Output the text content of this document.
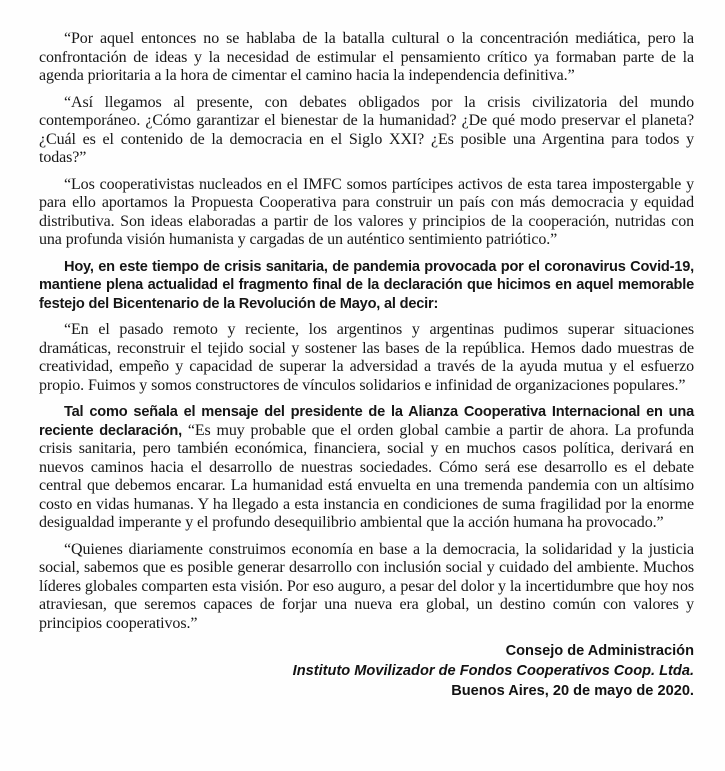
“Por aquel entonces no se hablaba de la batalla cultural o la concentración mediática, pero la confrontación de ideas y la necesidad de estimular el pensamiento crítico ya formaban parte de la agenda prioritaria a la hora de cimentar el camino hacia la independencia definitiva.”

“Así llegamos al presente, con debates obligados por la crisis civilizatoria del mundo contemporáneo. ¿Cómo garantizar el bienestar de la humanidad? ¿De qué modo preservar el planeta? ¿Cuál es el contenido de la democracia en el Siglo XXI? ¿Es posible una Argentina para todos y todas?”

“Los cooperativistas nucleados en el IMFC somos partícipes activos de esta tarea impostergable y para ello aportamos la Propuesta Cooperativa para construir un país con más democracia y equidad distributiva. Son ideas elaboradas a partir de los valores y principios de la cooperación, nutridas con una profunda visión humanista y cargadas de un auténtico sentimiento patriótico.”

Hoy, en este tiempo de crisis sanitaria, de pandemia provocada por el coronavirus Covid-19, mantiene plena actualidad el fragmento final de la declaración que hicimos en aquel memorable festejo del Bicentenario de la Revolución de Mayo, al decir:

“En el pasado remoto y reciente, los argentinos y argentinas pudimos superar situaciones dramáticas, reconstruir el tejido social y sostener las bases de la república. Hemos dado muestras de creatividad, empeño y capacidad de superar la adversidad a través de la ayuda mutua y el esfuerzo propio. Fuimos y somos constructores de vínculos solidarios e infinidad de organizaciones populares.”

Tal como señala el mensaje del presidente de la Alianza Cooperativa Internacional en una reciente declaración, “Es muy probable que el orden global cambie a partir de ahora. La profunda crisis sanitaria, pero también económica, financiera, social y en muchos casos política, derivará en nuevos caminos hacia el desarrollo de nuestras sociedades. Cómo será ese desarrollo es el debate central que debemos encarar. La humanidad está envuelta en una tremenda pandemia con un altísimo costo en vidas humanas. Y ha llegado a esta instancia en condiciones de suma fragilidad por la enorme desigualdad imperante y el profundo desequilibrio ambiental que la acción humana ha provocado.”

“Quienes diariamente construimos economía en base a la democracia, la solidaridad y la justicia social, sabemos que es posible generar desarrollo con inclusión social y cuidado del ambiente. Muchos líderes globales comparten esta visión. Por eso auguro, a pesar del dolor y la incertidumbre que hoy nos atraviesan, que seremos capaces de forjar una nueva era global, un destino común con valores y principios cooperativos.”

Consejo de Administración
Instituto Movilizador de Fondos Cooperativos Coop. Ltda.
Buenos Aires, 20 de mayo de 2020.
